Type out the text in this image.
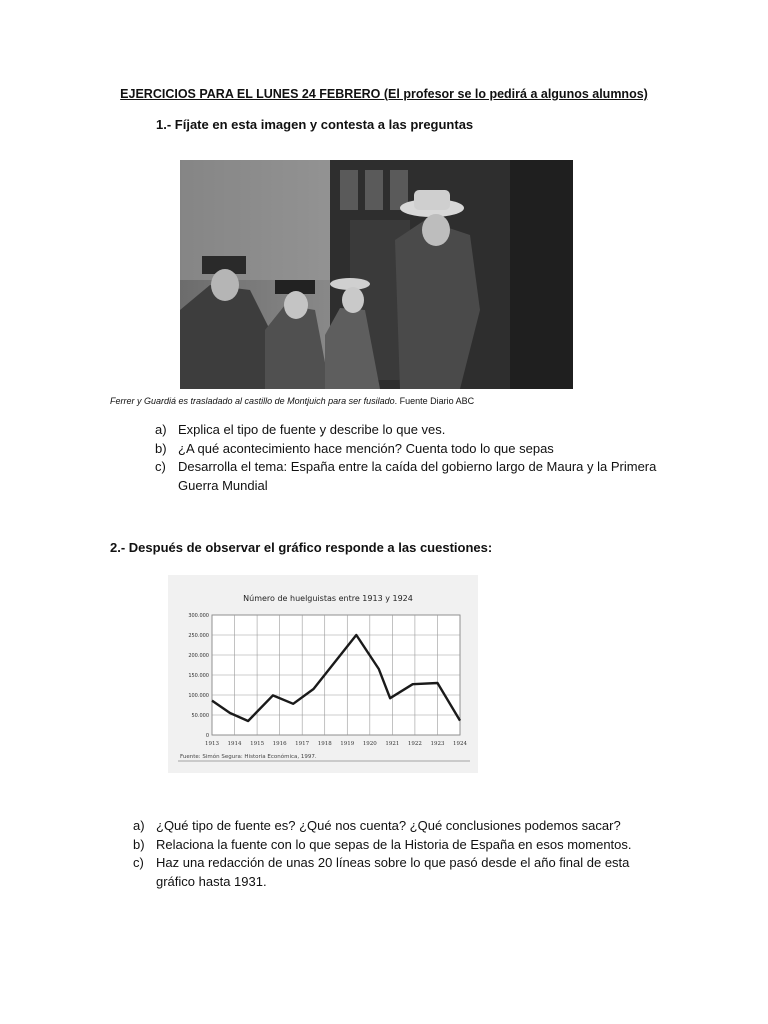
EJERCICIOS PARA EL LUNES 24 FEBRERO (El profesor se lo pedirá a algunos alumnos)
1.- Fíjate en esta imagen y contesta a las preguntas
Ferrer y Guardiá es trasladado al castillo de Montjuich para ser fusilado. Fuente Diario ABC
a) Explica el tipo de fuente y describe lo que ves.
b) ¿A qué acontecimiento hace mención? Cuenta todo lo que sepas
c) Desarrolla el tema: España entre la caída del gobierno largo de Maura y la Primera Guerra Mundial
2.- Después de observar el gráfico responde a las cuestiones:
Número de huelguistas entre 1913 y 1924
0
50.000
100.000
150.000
200.000
250.000
300.000
1913 1914 1915 1916 1917 1918 1919 1920 1921 1922 1923 1924
Fuente: Simón Segura: Historia Económica, 1997.
a) ¿Qué tipo de fuente es? ¿Qué nos cuenta? ¿Qué conclusiones podemos sacar?
b) Relaciona la fuente con lo que sepas de la Historia de España en esos momentos.
c) Haz una redacción de unas 20 líneas sobre lo que pasó desde el año final de esta gráfico hasta 1931.
